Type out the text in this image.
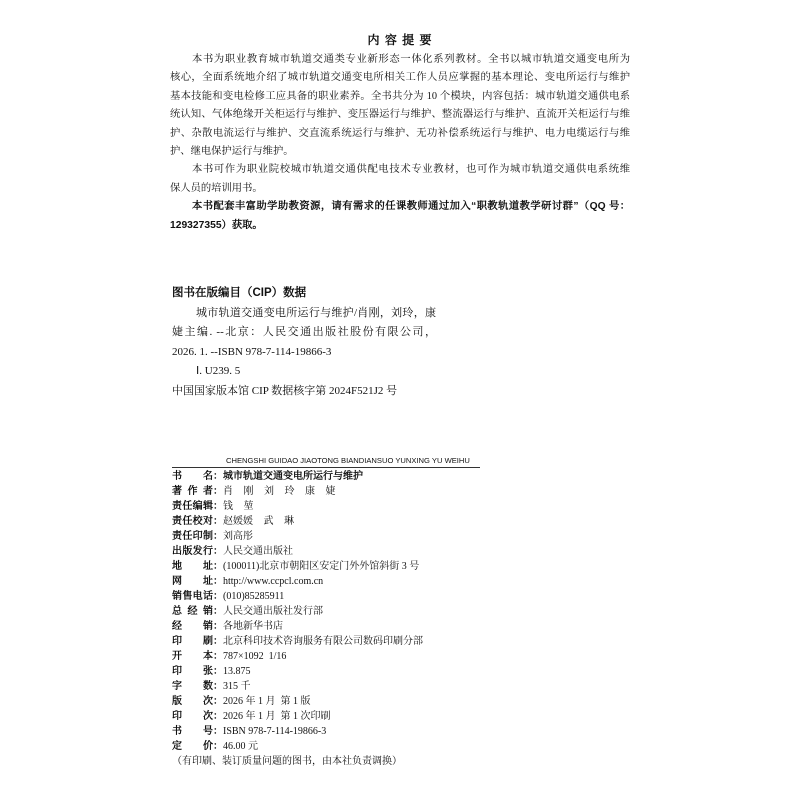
内 容 提 要
本书为职业教育城市轨道交通类专业新形态一体化系列教材。全书以城市轨道交通变电所为
核心，全面系统地介绍了城市轨道交通变电所相关工作人员应掌握的基本理论、变电所运行与维护
基本技能和变电检修工应具备的职业素养。全书共分为 10 个模块，内容包括：城市轨道交通供电系
统认知、气体绝缘开关柜运行与维护、变压器运行与维护、整流器运行与维护、直流开关柜运行与维
护、杂散电流运行与维护、交直流系统运行与维护、无功补偿系统运行与维护、电力电缆运行与维
护、继电保护运行与维护。
本书可作为职业院校城市轨道交通供配电技术专业教材，也可作为城市轨道交通供电系统维
保人员的培训用书。
本书配套丰富助学助教资源，请有需求的任课教师通过加入“职教轨道教学研讨群”（QQ 号：
129327355）获取。
图书在版编目（CIP）数据
城市轨道交通变电所运行与维护/肖刚，刘玲，康
婕主编. --北京：人民交通出版社股份有限公司，
2026. 1. --ISBN 978-7-114-19866-3
Ⅰ. U239. 5
中国国家版本馆 CIP 数据核字第 2024F521J2 号
CHENGSHI GUIDAO JIAOTONG BIANDIANSUO YUNXING YU WEIHU
书 名 ： 城市轨道交通变电所运行与维护
著 作 者 ： 肖 刚 刘 玲 康 婕
责任编辑 ： 钱 堃
责任校对 ： 赵媛媛 武 琳
责任印制 ： 刘高彤
出版发行 ： 人民交通出版社
地 址 ： (100011)北京市朝阳区安定门外外馆斜街 3 号
网 址 ： http://www.ccpcl.com.cn
销售电话 ： (010)85285911
总 经 销 ： 人民交通出版社发行部
经 销 ： 各地新华书店
印 刷 ： 北京科印技术咨询服务有限公司数码印刷分部
开 本 ： 787×1092  1/16
印 张 ： 13.875
字 数 ： 315 千
版 次 ： 2026 年 1 月  第 1 版
印 次 ： 2026 年 1 月  第 1 次印刷
书 号 ： ISBN 978-7-114-19866-3
定 价 ： 46.00 元
（有印刷、装订质量问题的图书，由本社负责调换）
